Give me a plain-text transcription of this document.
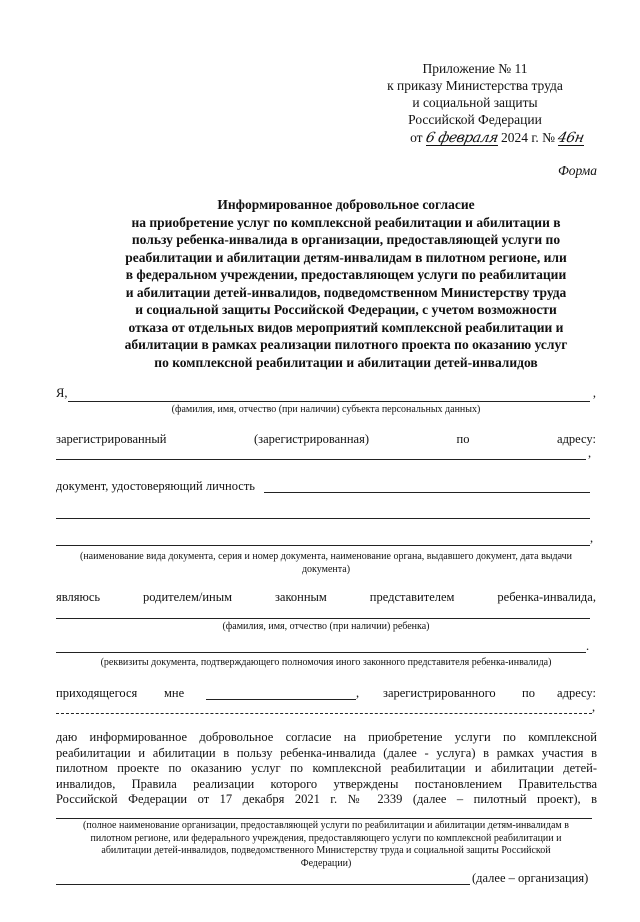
Приложение № 11
к приказу Министерства труда
и социальной защиты
Российской Федерации
от 6 февраля 2024 г. № 46н
Форма
Информированное добровольное согласие
на приобретение услуг по комплексной реабилитации и абилитации в
пользу ребенка-инвалида в организации, предоставляющей услуги по
реабилитации и абилитации детям-инвалидам в пилотном регионе, или
в федеральном учреждении, предоставляющем услуги по реабилитации
и абилитации детей-инвалидов, подведомственном Министерству труда
и социальной защиты Российской Федерации, с учетом возможности
отказа от отдельных видов мероприятий комплексной реабилитации и
абилитации в рамках реализации пилотного проекта по оказанию услуг
по комплексной реабилитации и абилитации детей-инвалидов
Я,	,
(фамилия, имя, отчество (при наличии) субъекта персональных данных)
зарегистрированный	(зарегистрированная)	по	адресу:
,
документ, удостоверяющий личность
,
(наименование вида документа, серия и номер документа, наименование органа, выдавшего документ, дата выдачи
документа)
являюсь	родителем/иным	законным	представителем	ребенка-инвалида,
(фамилия, имя, отчество (при наличии) ребенка)
.
(реквизиты документа, подтверждающего полномочия иного законного представителя ребенка-инвалида)
приходящегося мне	, зарегистрированного по адресу:
,
даю информированное добровольное согласие на приобретение услуги по комплексной
реабилитации и абилитации в пользу ребенка-инвалида (далее - услуга) в рамках участия в
пилотном проекте по оказанию услуг по комплексной реабилитации и абилитации детей-
инвалидов, Правила реализации которого утверждены постановлением Правительства
Российской Федерации от 17 декабря 2021 г. № 2339 (далее – пилотный проект), в
(полное наименование организации, предоставляющей услуги по реабилитации и абилитации детям-инвалидам в
пилотном регионе, или федерального учреждения, предоставляющего услуги по комплексной реабилитации и
абилитации детей-инвалидов, подведомственного Министерству труда и социальной защиты Российской
Федерации)
(далее – организация)
